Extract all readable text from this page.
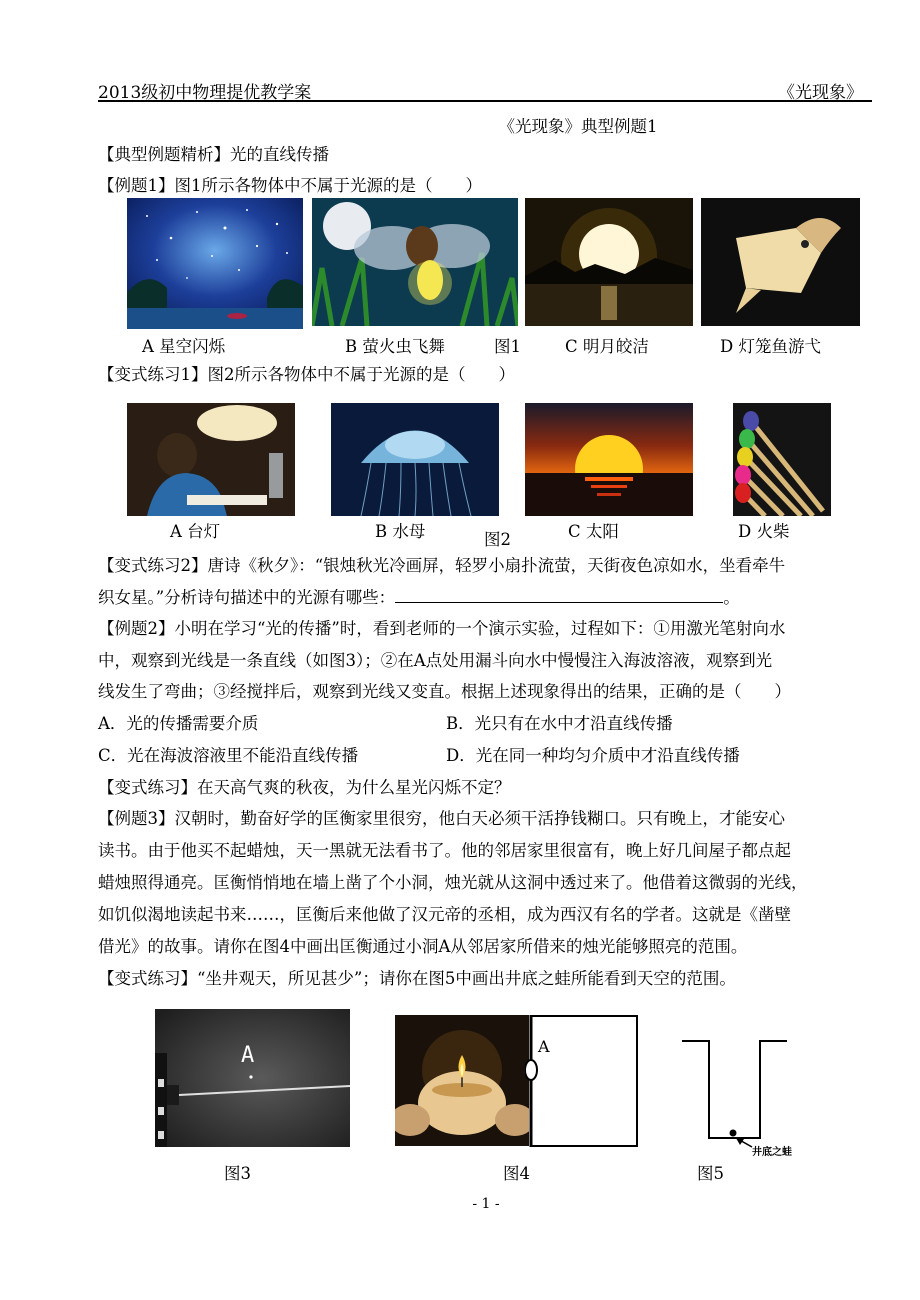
2013级初中物理提优教学案	《光现象》
《光现象》典型例题1
【典型例题精析】光的直线传播
【例题1】图1所示各物体中不属于光源的是（　　）
A 星空闪烁	B 萤火虫飞舞	图1	C 明月皎洁	D 灯笼鱼游弋
【变式练习1】图2所示各物体中不属于光源的是（　　）
A 台灯	B 水母	图2	C 太阳	D 火柴
【变式练习2】唐诗《秋夕》：“银烛秋光冷画屏，轻罗小扇扑流萤，天街夜色凉如水，坐看牵牛
织女星。”分析诗句描述中的光源有哪些：	。
【例题2】小明在学习“光的传播”时，看到老师的一个演示实验，过程如下：①用激光笔射向水
中，观察到光线是一条直线（如图3）；②在A点处用漏斗向水中慢慢注入海波溶液，观察到光
线发生了弯曲；③经搅拌后，观察到光线又变直。根据上述现象得出的结果，正确的是（　　）
A．光的传播需要介质	B．光只有在水中才沿直线传播
C．光在海波溶液里不能沿直线传播	D．光在同一种均匀介质中才沿直线传播
【变式练习】在天高气爽的秋夜，为什么星光闪烁不定？
【例题3】汉朝时，勤奋好学的匡衡家里很穷，他白天必须干活挣钱糊口。只有晚上，才能安心
读书。由于他买不起蜡烛，天一黑就无法看书了。他的邻居家里很富有，晚上好几间屋子都点起
蜡烛照得通亮。匡衡悄悄地在墙上凿了个小洞，烛光就从这洞中透过来了。他借着这微弱的光线，
如饥似渴地读起书来……，匡衡后来他做了汉元帝的丞相，成为西汉有名的学者。这就是《凿壁
借光》的故事。请你在图4中画出匡衡通过小洞A从邻居家所借来的烛光能够照亮的范围。
【变式练习】“坐井观天，所见甚少”；请你在图5中画出井底之蛙所能看到天空的范围。
A
图3
A
图4
井底之蛙
图5
- 1 -
